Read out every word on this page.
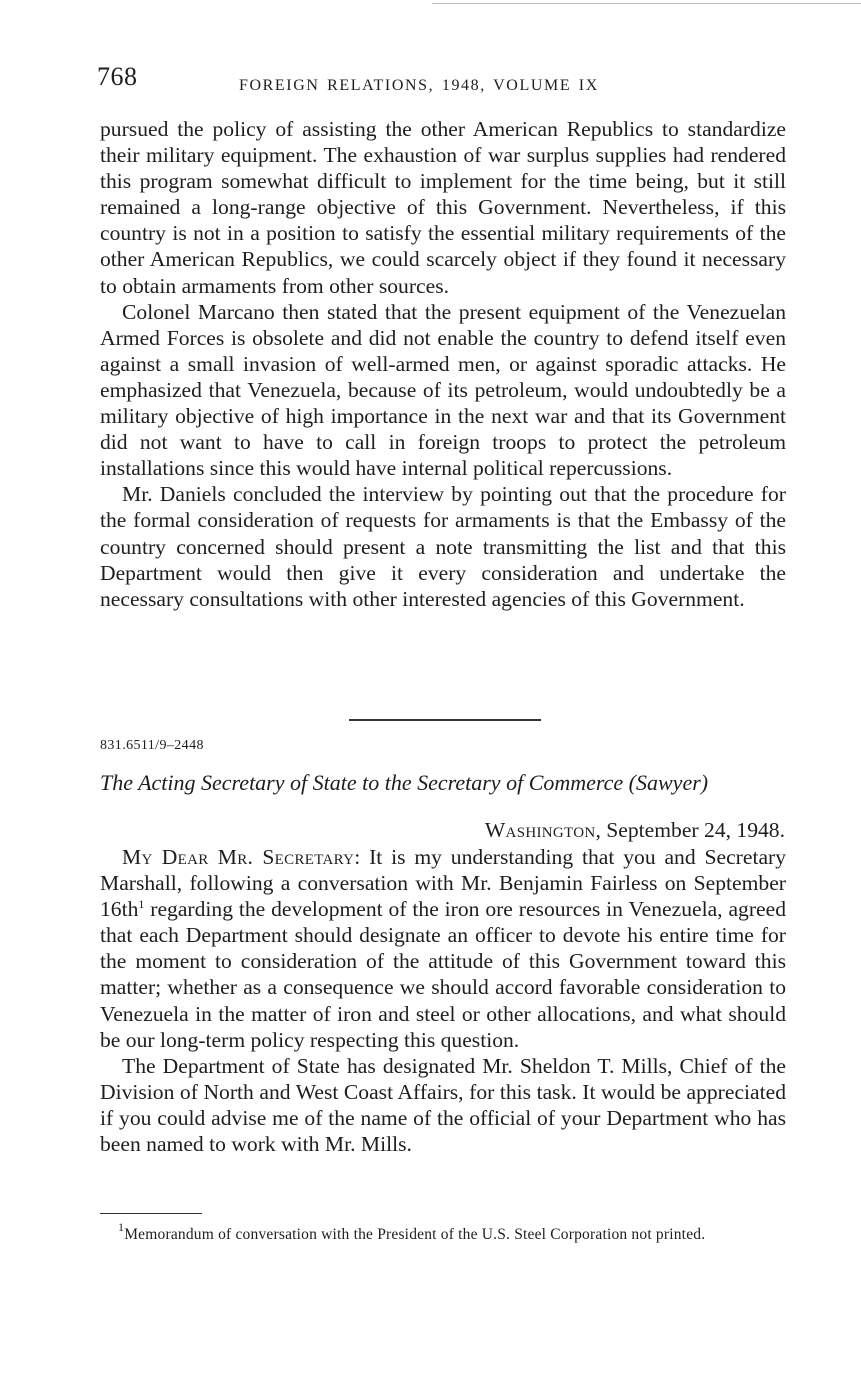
768	FOREIGN RELATIONS, 1948, VOLUME IX

pursued the policy of assisting the other American Republics to standardize their military equipment. The exhaustion of war surplus supplies had rendered this program somewhat difficult to implement for the time being, but it still remained a long-range objective of this Government. Nevertheless, if this country is not in a position to satisfy the essential military requirements of the other American Republics, we could scarcely object if they found it necessary to obtain armaments from other sources.

Colonel Marcano then stated that the present equipment of the Venezuelan Armed Forces is obsolete and did not enable the country to defend itself even against a small invasion of well-armed men, or against sporadic attacks. He emphasized that Venezuela, because of its petroleum, would undoubtedly be a military objective of high importance in the next war and that its Government did not want to have to call in foreign troops to protect the petroleum installations since this would have internal political repercussions.

Mr. Daniels concluded the interview by pointing out that the procedure for the formal consideration of requests for armaments is that the Embassy of the country concerned should present a note transmitting the list and that this Department would then give it every consideration and undertake the necessary consultations with other interested agencies of this Government.

831.6511/9–2448
The Acting Secretary of State to the Secretary of Commerce (Sawyer)
Washington, September 24, 1948.

My Dear Mr. Secretary: It is my understanding that you and Secretary Marshall, following a conversation with Mr. Benjamin Fairless on September $16th^1$ regarding the development of the iron ore resources in Venezuela, agreed that each Department should designate an officer to devote his entire time for the moment to consideration of the attitude of this Government toward this matter; whether as a consequence we should accord favorable consideration to Venezuela in the matter of iron and steel or other allocations, and what should be our long-term policy respecting this question.

The Department of State has designated Mr. Sheldon T. Mills, Chief of the Division of North and West Coast Affairs, for this task. It would be appreciated if you could advise me of the name of the official of your Department who has been named to work with Mr. Mills.

$^1$Memorandum of conversation with the President of the U.S. Steel Corporation not printed.
